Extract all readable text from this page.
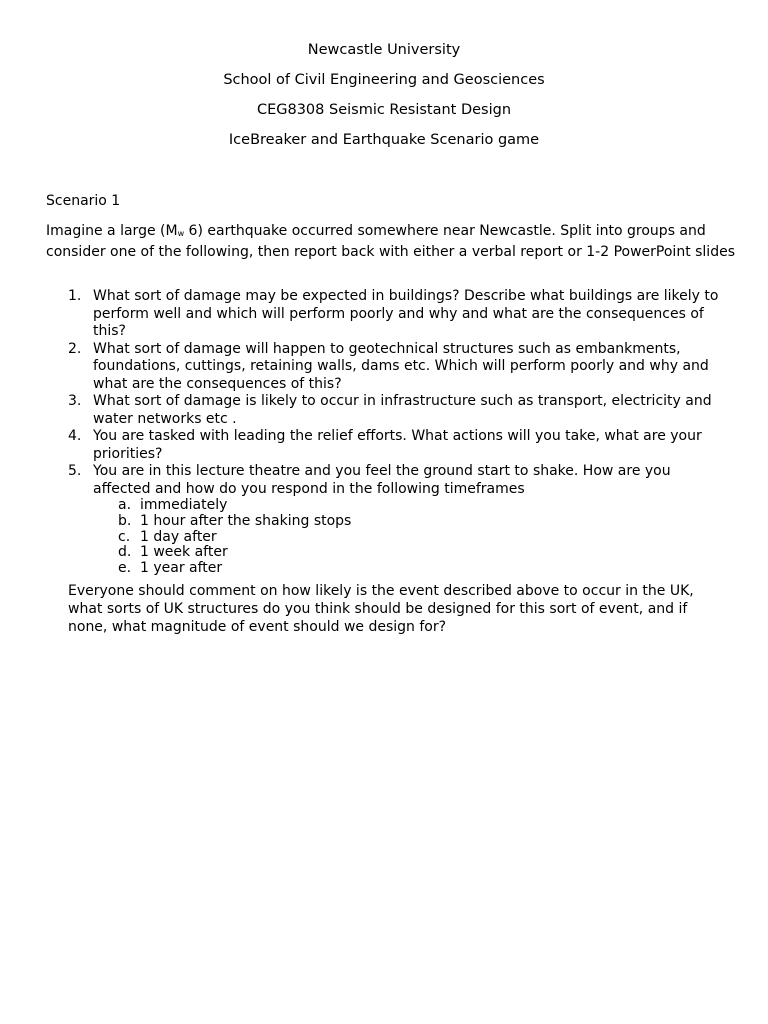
Newcastle University
School of Civil Engineering and Geosciences
CEG8308 Seismic Resistant Design
IceBreaker and Earthquake Scenario game
Scenario 1
Imagine a large ($M_w$ 6) earthquake occurred somewhere near Newcastle. Split into groups and consider one of the following, then report back with either a verbal report or 1-2 PowerPoint slides
1. What sort of damage may be expected in buildings? Describe what buildings are likely to perform well and which will perform poorly and why and what are the consequences of this?
2. What sort of damage will happen to geotechnical structures such as embankments, foundations, cuttings, retaining walls, dams etc. Which will perform poorly and why and what are the consequences of this?
3. What sort of damage is likely to occur in infrastructure such as transport, electricity and water networks etc .
4. You are tasked with leading the relief efforts. What actions will you take, what are your priorities?
5. You are in this lecture theatre and you feel the ground start to shake. How are you affected and how do you respond in the following timeframes
a. immediately
b. 1 hour after the shaking stops
c. 1 day after
d. 1 week after
e. 1 year after
Everyone should comment on how likely is the event described above to occur in the UK, what sorts of UK structures do you think should be designed for this sort of event, and if none, what magnitude of event should we design for?
